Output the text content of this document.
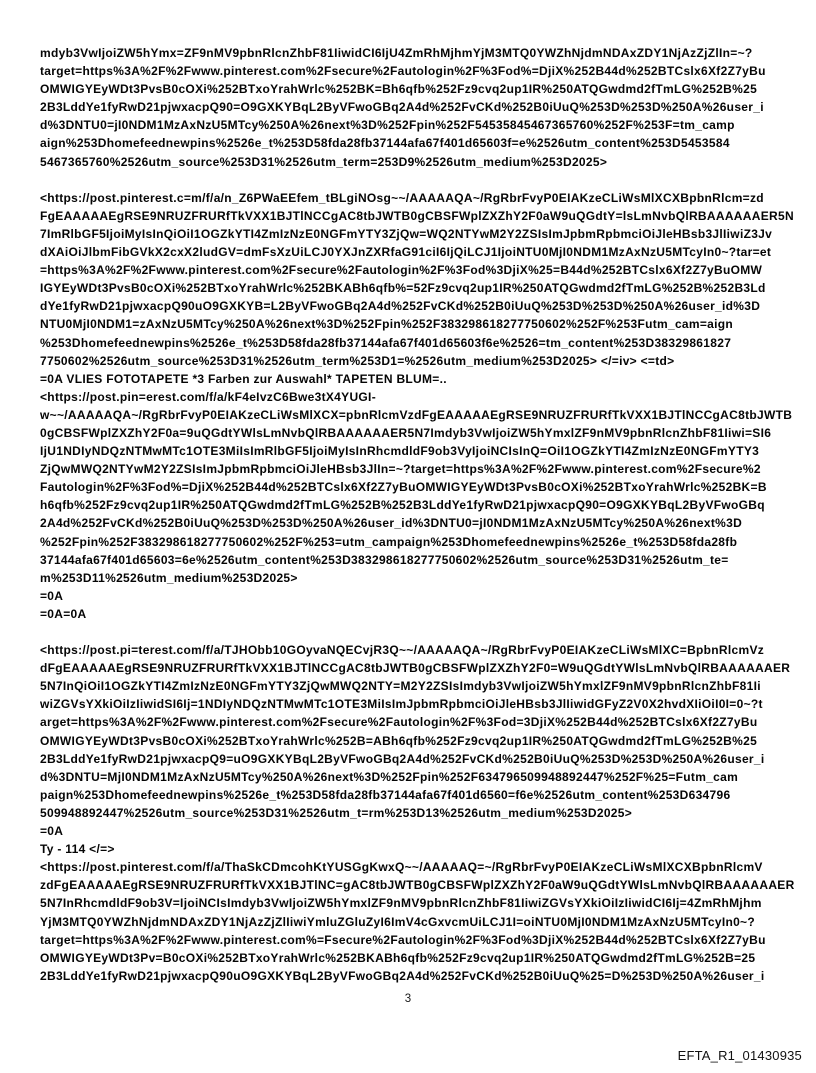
mdyb3VwIjoiZW5hYmx=ZF9nMV9pbnRlcnZhbF81IiwidCI6IjU4ZmRhMjhmYjM3MTQ0YWZhNjdmNDAxZDY1NjAzZjZlIn=~?
target=https%3A%2F%2Fwww.pinterest.com%2Fsecure%2Fautologin%2F%3Fod%=DjiX%252B44d%252BTCslx6Xf2Z7yBu
OMWIGYEyWDt3PvsB0cOXi%252BTxoYrahWrlc%252BK=Bh6qfb%252Fz9cvq2up1IR%250ATQGwdmd2fTmLG%252B%25
2B3LddYe1fyRwD21pjwxacpQ90=O9GXKYBqL2ByVFwoGBq2A4d%252FvCKd%252B0iUuQ%253D%253D%250A%26user_i
d%3DNTU0=jI0NDM1MzAxNzU5MTcy%250A%26next%3D%252Fpin%252F54535845467365760%252F%253F=tm_camp
aign%253Dhomefeednewpins%2526e_t%253D58fda28fb37144afa67f401d65603f=e%2526utm_content%253D5453584
5467365760%2526utm_source%253D31%2526utm_term=253D9%2526utm_medium%253D2025>

<https://post.pinterest.c=m/f/a/n_Z6PWaEEfem_tBLgiNOsg~~/AAAAAQA~/RgRbrFvyP0EIAKzeCLiWsMlXCXBpbnRlcm=zd
FgEAAAAAEgRSE9NRUZFRURfTkVXX1BJTlNCCgAC8tbJWTB0gCBSFWplZXZhY2F0aW9uQGdtY=lsLmNvbQlRBAAAAAAER5N
7ImRlbGF5IjoiMyIsInQiOiI1OGZkYTI4ZmIzNzE0NGFmYTY3ZjQw=WQ2NTYwM2Y2ZSIsImJpbmRpbmciOiJleHBsb3JlIiwiZ3Jv
dXAiOiJlbmFibGVkX2cxX2ludGV=dmFsXzUiLCJ0YXJnZXRfaG91ciI6IjQiLCJ1IjoiNTU0MjI0NDM1MzAxNzU5MTcyIn0~?tar=et
=https%3A%2F%2Fwww.pinterest.com%2Fsecure%2Fautologin%2F%3Fod%3DjiX%25=B44d%252BTCslx6Xf2Z7yBuOMW
IGYEyWDt3PvsB0cOXi%252BTxoYrahWrlc%252BKABh6qfb%=52Fz9cvq2up1IR%250ATQGwdmd2fTmLG%252B%252B3Ld
dYe1fyRwD21pjwxacpQ90uO9GXKYB=L2ByVFwoGBq2A4d%252FvCKd%252B0iUuQ%253D%253D%250A%26user_id%3D
NTU0MjI0NDM1=zAxNzU5MTcy%250A%26next%3D%252Fpin%252F383298618277750602%252F%253Futm_cam=aign
%253Dhomefeednewpins%2526e_t%253D58fda28fb37144afa67f401d65603f6e%2526=tm_content%253D38329861827
7750602%2526utm_source%253D31%2526utm_term%253D1=%2526utm_medium%253D2025> </=iv> <=td>
=0A VLIES FOTOTAPETE *3 Farben zur Auswahl* TAPETEN BLUM=..
<https://post.pin=erest.com/f/a/kF4eIvzC6Bwe3tX4YUGI-
w~~/AAAAAQA~/RgRbrFvyP0EIAKzeCLiWsMlXCX=pbnRlcmVzdFgEAAAAAEgRSE9NRUZFRURfTkVXX1BJTlNCCgAC8tbJWTB
0gCBSFWplZXZhY2F0a=9uQGdtYWlsLmNvbQlRBAAAAAAER5N7Imdyb3VwIjoiZW5hYmxlZF9nMV9pbnRlcnZhbF81Iiwi=SI6
IjU1NDIyNDQzNTMwMTc1OTE3MiIsImRlbGF5IjoiMyIsInRhcmdldF9ob3VyIjoiNCIsInQ=OiI1OGZkYTI4ZmIzNzE0NGFmYTY3
ZjQwMWQ2NTYwM2Y2ZSIsImJpbmRpbmciOiJleHBsb3JlIn=~?target=https%3A%2F%2Fwww.pinterest.com%2Fsecure%2
Fautologin%2F%3Fod%=DjiX%252B44d%252BTCslx6Xf2Z7yBuOMWIGYEyWDt3PvsB0cOXi%252BTxoYrahWrlc%252BK=B
h6qfb%252Fz9cvq2up1IR%250ATQGwdmd2fTmLG%252B%252B3LddYe1fyRwD21pjwxacpQ90=O9GXKYBqL2ByVFwoGBq
2A4d%252FvCKd%252B0iUuQ%253D%253D%250A%26user_id%3DNTU0=jI0NDM1MzAxNzU5MTcy%250A%26next%3D
%252Fpin%252F383298618277750602%252F%253=utm_campaign%253Dhomefeednewpins%2526e_t%253D58fda28fb
37144afa67f401d65603=6e%2526utm_content%253D383298618277750602%2526utm_source%253D31%2526utm_te=
m%253D11%2526utm_medium%253D2025>
=0A
=0A=0A

<https://post.pi=terest.com/f/a/TJHObb10GOyvaNQECvjR3Q~~/AAAAAQA~/RgRbrFvyP0EIAKzeCLiWsMlXC=BpbnRlcmVz
dFgEAAAAAEgRSE9NRUZFRURfTkVXX1BJTlNCCgAC8tbJWTB0gCBSFWplZXZhY2F0=W9uQGdtYWlsLmNvbQlRBAAAAAAER
5N7InQiOiI1OGZkYTI4ZmIzNzE0NGFmYTY3ZjQwMWQ2NTY=M2Y2ZSIsImdyb3VwIjoiZW5hYmxlZF9nMV9pbnRlcnZhbF81Ii
wiZGVsYXkiOiIzIiwidSI6Ij=1NDIyNDQzNTMwMTc1OTE3MiIsImJpbmRpbmciOiJleHBsb3JlIiwidGFyZ2V0X2hvdXIiOiI0I=0~?t
arget=https%3A%2F%2Fwww.pinterest.com%2Fsecure%2Fautologin%2F%3Fod=3DjiX%252B44d%252BTCslx6Xf2Z7yBu
OMWIGYEyWDt3PvsB0cOXi%252BTxoYrahWrlc%252B=ABh6qfb%252Fz9cvq2up1IR%250ATQGwdmd2fTmLG%252B%25
2B3LddYe1fyRwD21pjwxacpQ9=uO9GXKYBqL2ByVFwoGBq2A4d%252FvCKd%252B0iUuQ%253D%253D%250A%26user_i
d%3DNTU=MjI0NDM1MzAxNzU5MTcy%250A%26next%3D%252Fpin%252F634796509948892447%252F%25=Futm_cam
paign%253Dhomefeednewpins%2526e_t%253D58fda28fb37144afa67f401d6560=f6e%2526utm_content%253D634796
509948892447%2526utm_source%253D31%2526utm_t=rm%253D13%2526utm_medium%253D2025>
=0A
Ty - 114 </=>
<https://post.pinterest.com/f/a/ThaSkCDmcohKtYUSGgKwxQ~~/AAAAAQ=~/RgRbrFvyP0EIAKzeCLiWsMlXCXBpbnRlcmV
zdFgEAAAAAEgRSE9NRUZFRURfTkVXX1BJTlNC=gAC8tbJWTB0gCBSFWplZXZhY2F0aW9uQGdtYWlsLmNvbQlRBAAAAAAER
5N7InRhcmdldF9ob3V=IjoiNCIsImdyb3VwIjoiZW5hYmxlZF9nMV9pbnRlcnZhbF81IiwiZGVsYXkiOiIzIiwidCI6Ij=4ZmRhMjhm
YjM3MTQ0YWZhNjdmNDAxZDY1NjAzZjZlIiwiYmluZGluZyI6ImV4cGxvcmUiLCJ1I=oiNTU0MjI0NDM1MzAxNzU5MTcyIn0~?
target=https%3A%2F%2Fwww.pinterest.com%=Fsecure%2Fautologin%2F%3Fod%3DjiX%252B44d%252BTCslx6Xf2Z7yBu
OMWIGYEyWDt3Pv=B0cOXi%252BTxoYrahWrlc%252BKABh6qfb%252Fz9cvq2up1IR%250ATQGwdmd2fTmLG%252B=25
2B3LddYe1fyRwD21pjwxacpQ90uO9GXKYBqL2ByVFwoGBq2A4d%252FvCKd%252B0iUuQ%25=D%253D%250A%26user_i
3
EFTA_R1_01430935
